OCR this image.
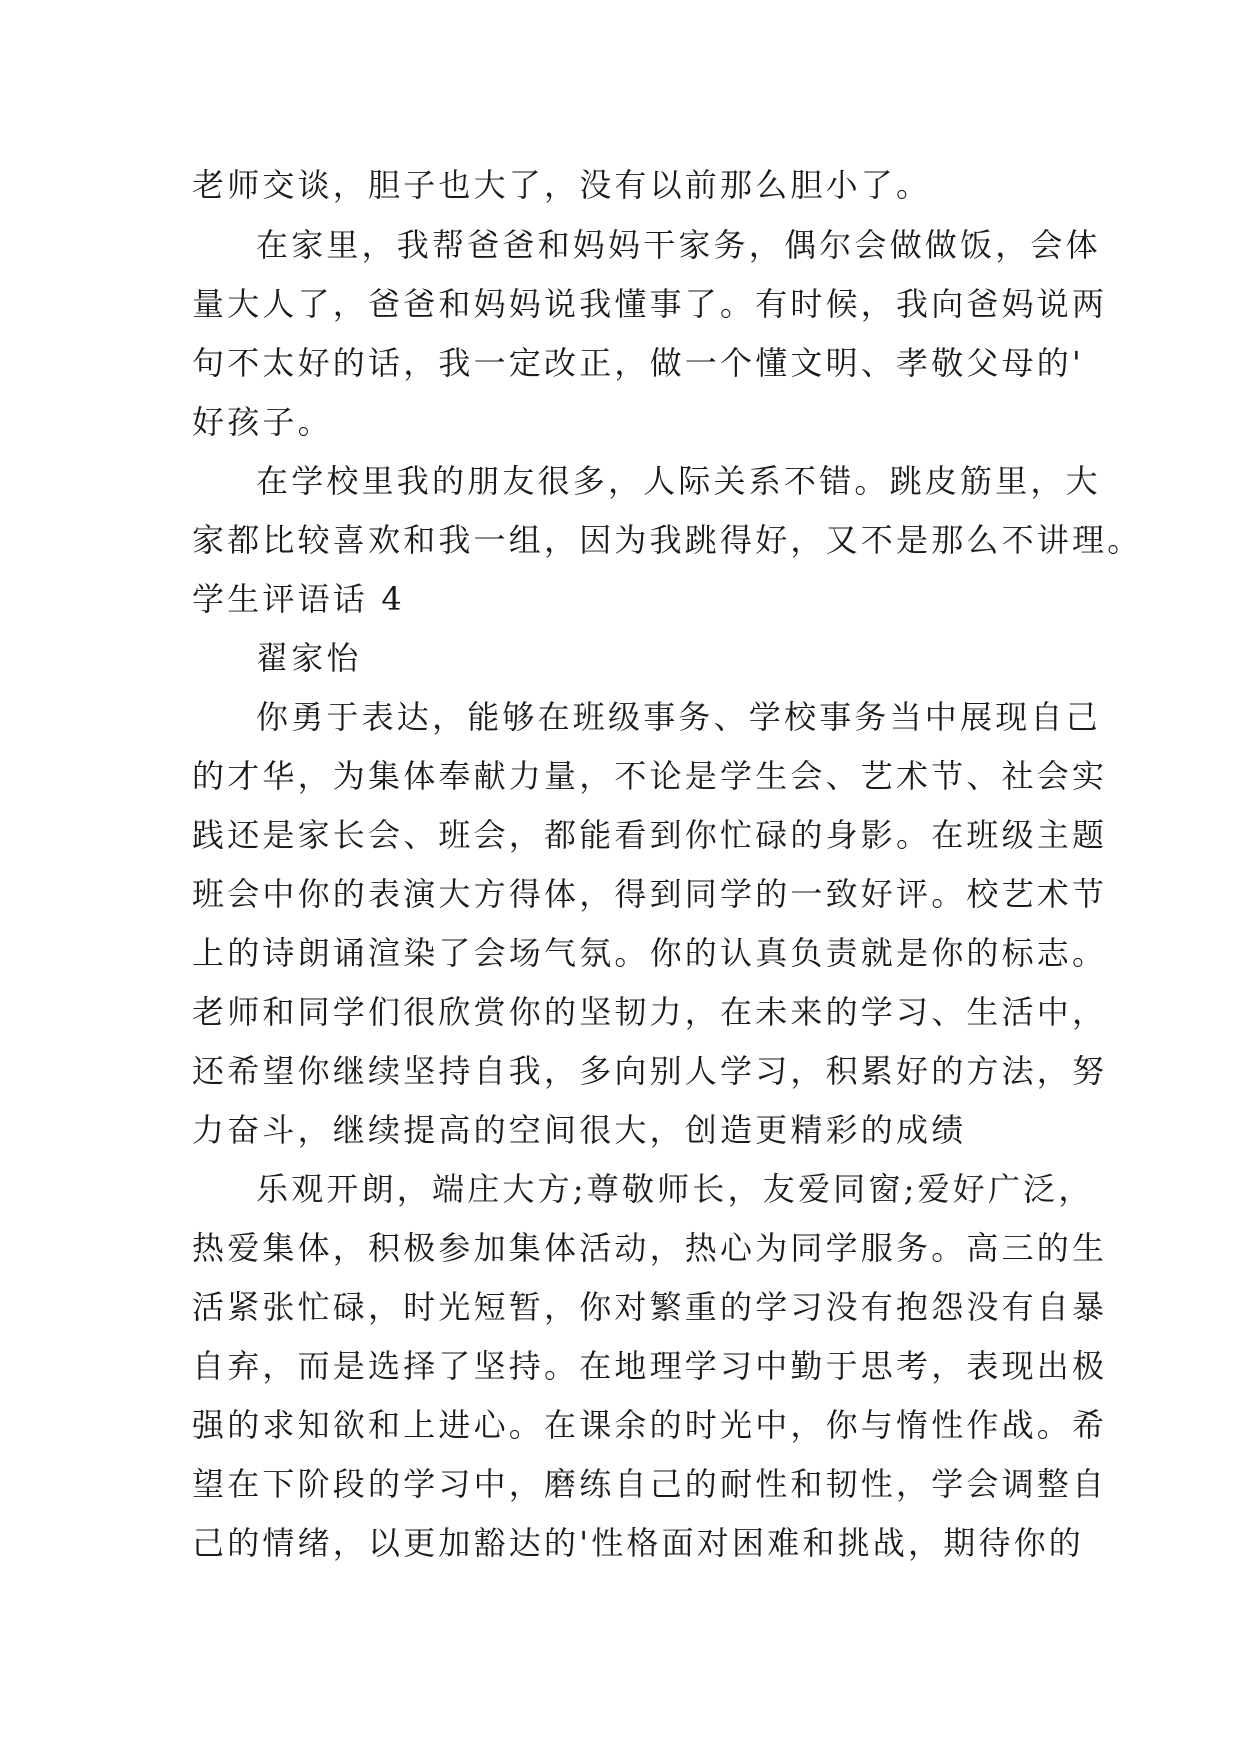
老师交谈，胆子也大了，没有以前那么胆小了。
在家里，我帮爸爸和妈妈干家务，偶尔会做做饭，会体
量大人了，爸爸和妈妈说我懂事了。有时候，我向爸妈说两
句不太好的话，我一定改正，做一个懂文明、孝敬父母的'
好孩子。
在学校里我的朋友很多，人际关系不错。跳皮筋里，大
家都比较喜欢和我一组，因为我跳得好，又不是那么不讲理。
学生评语话 4
翟家怡
你勇于表达，能够在班级事务、学校事务当中展现自己
的才华，为集体奉献力量，不论是学生会、艺术节、社会实
践还是家长会、班会，都能看到你忙碌的身影。在班级主题
班会中你的表演大方得体，得到同学的一致好评。校艺术节
上的诗朗诵渲染了会场气氛。你的认真负责就是你的标志。
老师和同学们很欣赏你的坚韧力，在未来的学习、生活中，
还希望你继续坚持自我，多向别人学习，积累好的方法，努
力奋斗，继续提高的空间很大，创造更精彩的成绩
乐观开朗，端庄大方;尊敬师长，友爱同窗;爱好广泛，
热爱集体，积极参加集体活动，热心为同学服务。高三的生
活紧张忙碌，时光短暂，你对繁重的学习没有抱怨没有自暴
自弃，而是选择了坚持。在地理学习中勤于思考，表现出极
强的求知欲和上进心。在课余的时光中，你与惰性作战。希
望在下阶段的学习中，磨练自己的耐性和韧性，学会调整自
己的情绪，以更加豁达的'性格面对困难和挑战，期待你的
